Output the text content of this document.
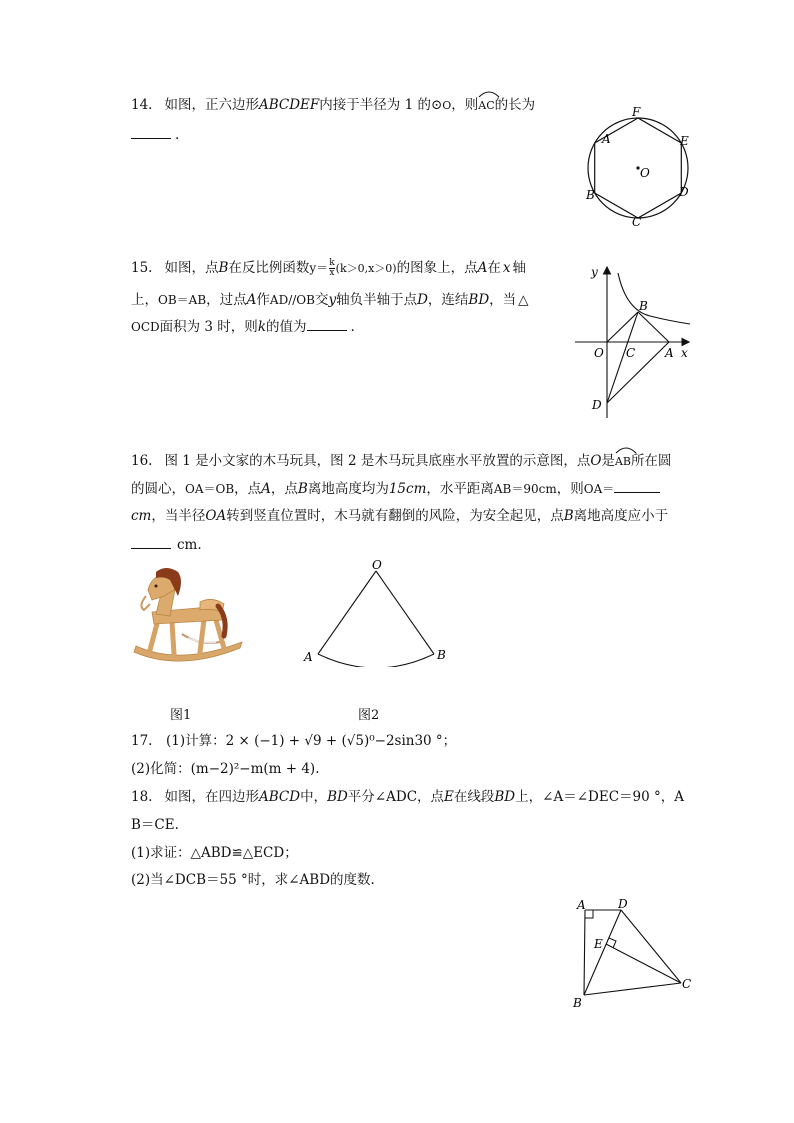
14. 如图，正六边形ABCDEF内接于半径为 1 的⊙O，则
AC的长为
.	A
B
C
D
E
F
O
15. 如图，点B在反比例函数$y= \frac{k}{x} (k>0,x>0)$的图象上，点A在 x 轴
上，OB＝AB，过点A作AD//OB交y轴负半轴于点D，连结BD，当 △
OCD面积为 3 时，则k的值为	.
y
x
O C A
B
D
16. 图 1 是小文家的木马玩具，图 2 是木马玩具底座水平放置的示意图，点O是
AB所在圆
的圆心，OA＝OB，点A，点B离地高度均为15cm，水平距离AB＝90cm，则OA＝
cm，当半径OA转到竖直位置时，木马就有翻倒的风险，为安全起见，点B离地高度应小于
cm.
图1
O
A	B
图2
17.　(1)计算：2 × (−1) + √9 + (√5)⁰−2sin30 °；
(2)化简：(m−2)²−m(m + 4).
18. 如图，在四边形ABCD中，BD平分∠ADC，点E在线段BD上，∠A＝∠DEC＝90 °，A
B＝CE.
(1)求证：△ABD≌△ECD；
(2)当∠DCB＝55 °时，求∠ABD的度数.
A	D
E
B
C
